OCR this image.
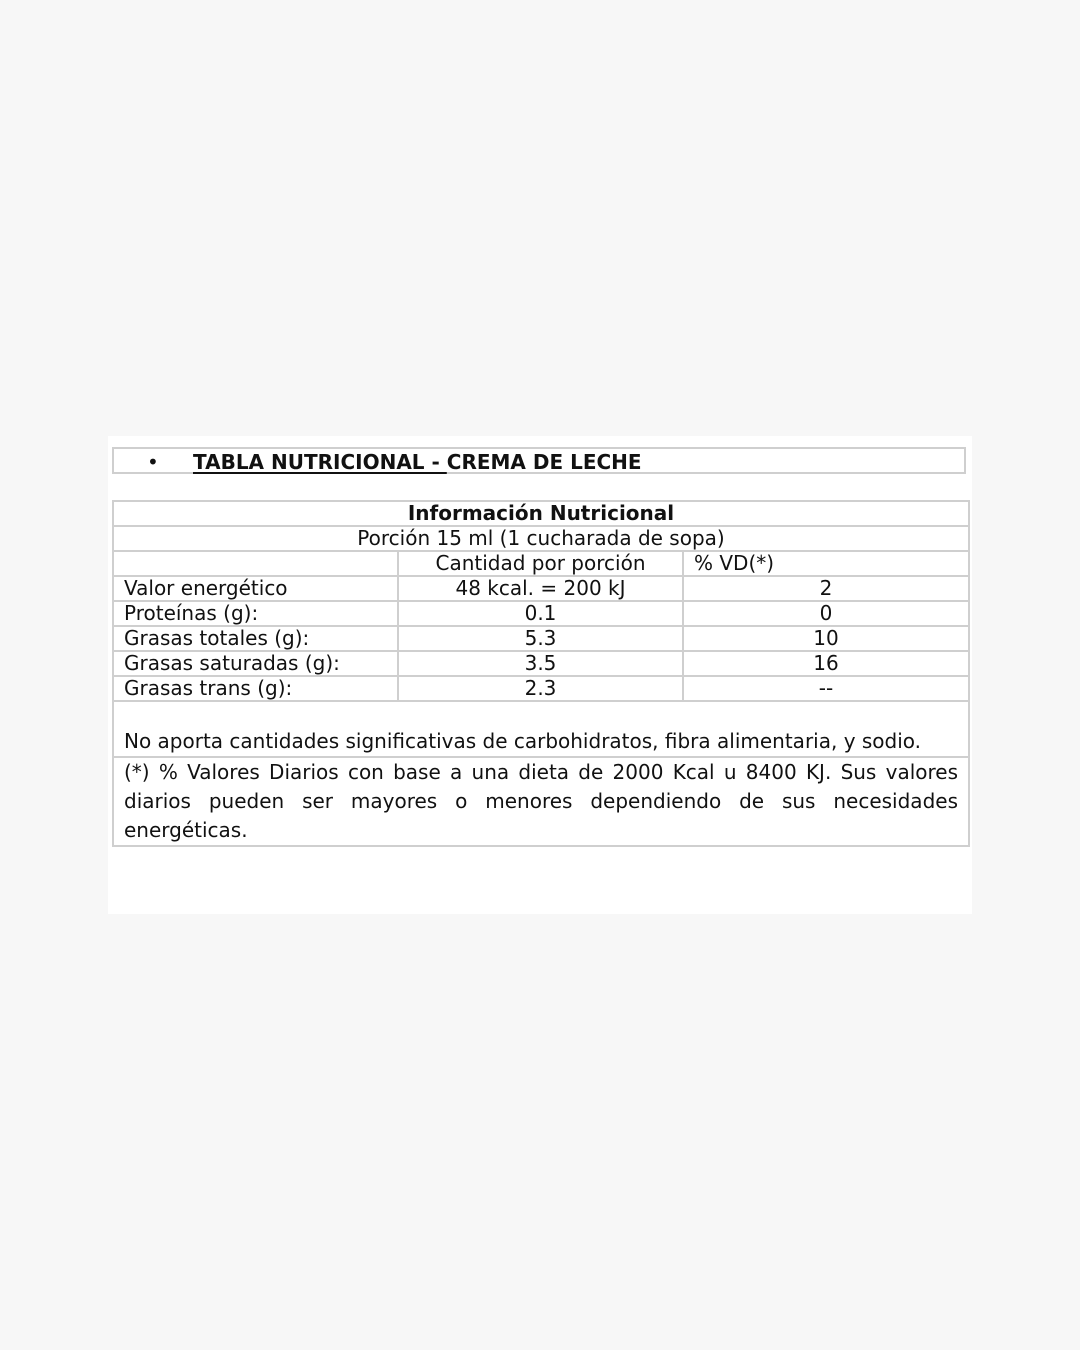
• TABLA NUTRICIONAL - CREMA DE LECHE
Información Nutricional		
Porción 15 ml (1 cucharada de sopa)		
	Cantidad por porción	% VD(*)
Valor energético	48 kcal. = 200 kJ	2
Proteínas (g):	0.1	0
Grasas totales (g):	5.3	10
Grasas saturadas (g):	3.5	16
Grasas trans (g):	2.3	--
No aporta cantidades significativas de carbohidratos, fibra alimentaria, y sodio.		
(*) % Valores Diarios con base a una dieta de 2000 Kcal u 8400 KJ. Sus valores diarios pueden ser mayores o menores dependiendo de sus necesidades energéticas.		
